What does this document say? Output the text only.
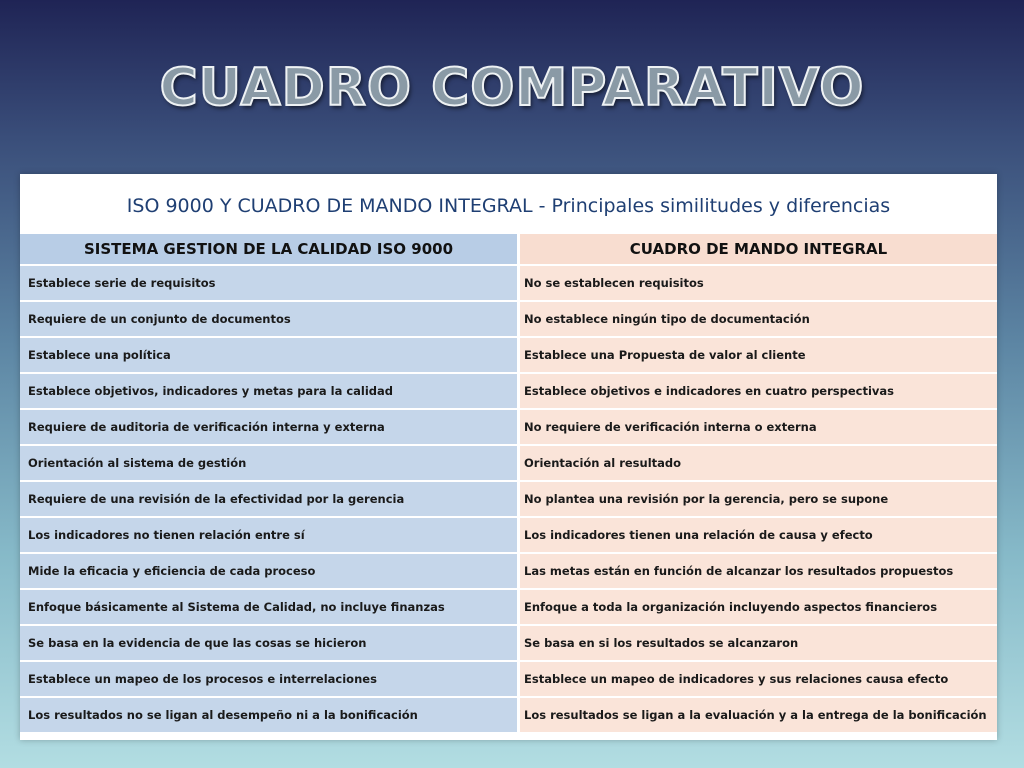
CUADRO COMPARATIVO
ISO 9000 Y CUADRO DE MANDO INTEGRAL - Principales similitudes y diferencias
SISTEMA GESTION DE LA CALIDAD ISO 9000	CUADRO DE MANDO INTEGRAL
Establece serie de requisitos	No se establecen requisitos
Requiere de un conjunto de documentos	No establece ningún tipo de documentación
Establece una política	Establece una Propuesta de valor al cliente
Establece objetivos, indicadores y metas para la calidad	Establece objetivos e indicadores en cuatro perspectivas
Requiere de auditoria de verificación interna y externa	No requiere de verificación interna o externa
Orientación al sistema de gestión	Orientación al resultado
Requiere de una revisión de la efectividad por la gerencia	No plantea una revisión por la gerencia, pero se supone
Los indicadores no tienen relación entre sí	Los indicadores tienen una relación de causa y efecto
Mide la eficacia y eficiencia de cada proceso	Las metas están en función de alcanzar los resultados propuestos
Enfoque básicamente al Sistema de Calidad, no incluye finanzas	Enfoque a toda la organización incluyendo aspectos financieros
Se basa en la evidencia de que las cosas se hicieron	Se basa en si los resultados se alcanzaron
Establece un mapeo de los procesos e interrelaciones	Establece un mapeo de indicadores y sus relaciones causa efecto
Los resultados no se ligan al desempeño ni a la bonificación	Los resultados se ligan a la evaluación y a la entrega de la bonificación
